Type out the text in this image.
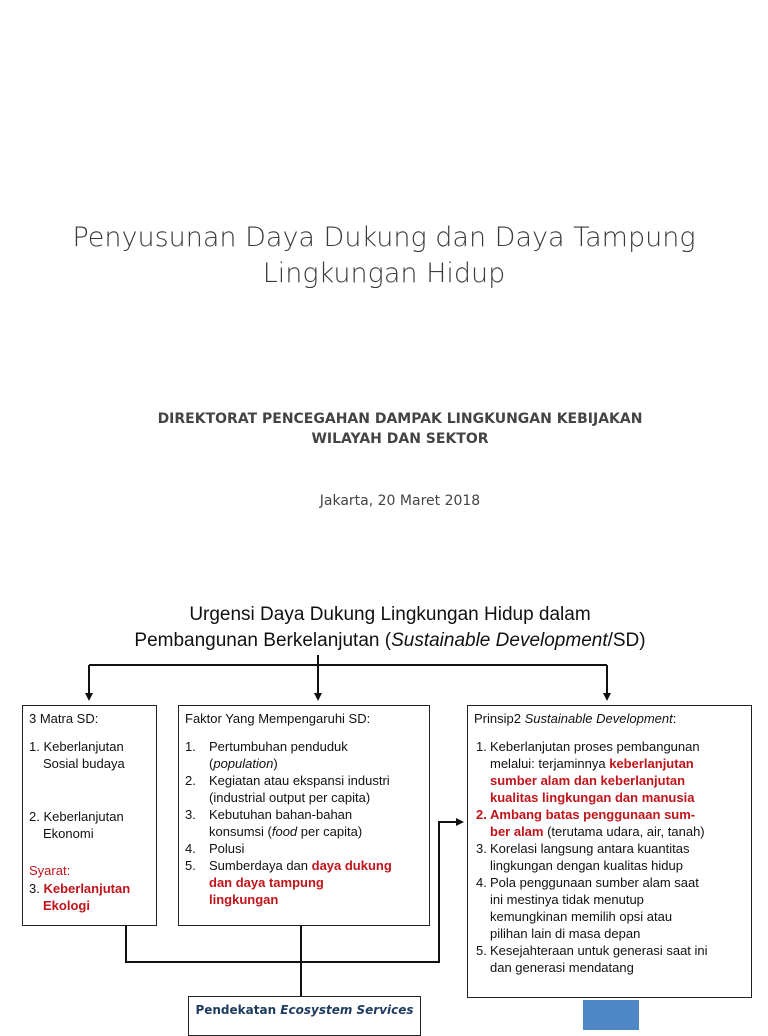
Penyusunan Daya Dukung dan Daya Tampung
Lingkungan Hidup
DIREKTORAT PENCEGAHAN DAMPAK LINGKUNGAN KEBIJAKAN
WILAYAH DAN SEKTOR
Jakarta, 20 Maret 2018
Urgensi Daya Dukung Lingkungan Hidup dalam
Pembangunan Berkelanjutan (Sustainable Development/SD)
3 Matra SD:
1. Keberlanjutan
Sosial budaya
2. Keberlanjutan
Ekonomi
Syarat:
3. Keberlanjutan
Ekologi
Faktor Yang Mempengaruhi SD:
1. Pertumbuhan penduduk
(population)
2. Kegiatan atau ekspansi industri
(industrial output per capita)
3. Kebutuhan bahan-bahan
konsumsi (food per capita)
4. Polusi
5. Sumberdaya dan daya dukung
dan daya tampung
lingkungan
Prinsip2 Sustainable Development:
1. Keberlanjutan proses pembangunan
melalui: terjaminnya keberlanjutan
sumber alam dan keberlanjutan
kualitas lingkungan dan manusia
2. Ambang batas penggunaan sum-
ber alam (terutama udara, air, tanah)
3. Korelasi langsung antara kuantitas
lingkungan dengan kualitas hidup
4. Pola penggunaan sumber alam saat
ini mestinya tidak menutup
kemungkinan memilih opsi atau
pilihan lain di masa depan
5. Kesejahteraan untuk generasi saat ini
dan generasi mendatang
Pendekatan Ecosystem Services
